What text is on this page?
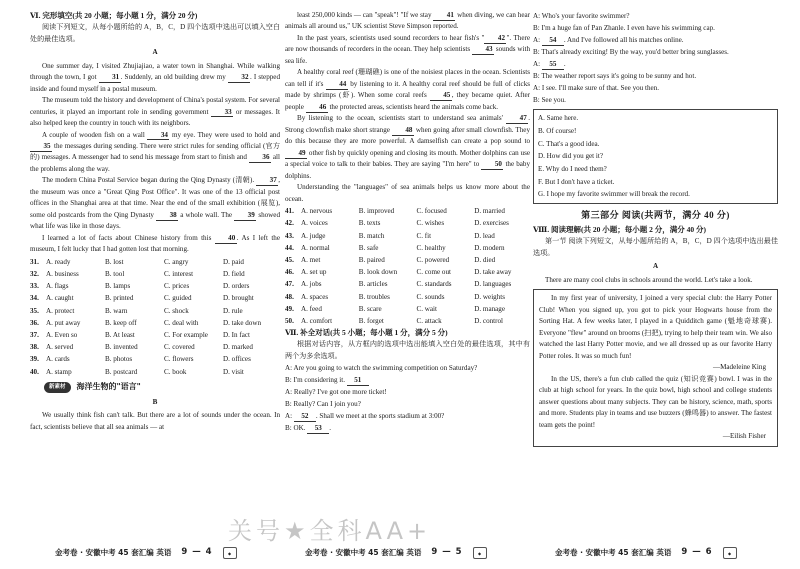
Ⅵ. 完形填空(共 20 小题；每小题 1 分，满分 20 分)
阅读下列短文，从每小题所给的 A，B，C，D 四个选项中选出可以填入空白处的最佳选项。
A
One summer day, I visited Zhujiajiao, a water town in Shanghai. While walking through the town, I got 31. Suddenly, an old building drew my 32. I stepped inside and found myself in a postal museum.
The museum told the history and development of China's postal system. For several centuries, it played an important role in sending government 33 or messages. It also helped keep the country in touch with its neighbors.
A couple of wooden fish on a wall 34 my eye. They were used to hold and 35 the messages during sending. There were strict rules for sending official (官方的) messages. A messenger had to send his message from start to finish and 36 all the problems along the way.
The modern China Postal Service began during the Qing Dynasty (清朝). 37, the museum was once a "Great Qing Post Office". It was one of the 13 official post offices in the Shanghai area at that time. Near the end of the small exhibition (展览), some old postcards from the Qing Dynasty 38 a whole wall. The 39 showed what life was like in those days.
I learned a lot of facts about Chinese history from this 40. As I left the museum, I felt lucky that I had gotten lost that morning.
31.	A. ready	B. lost	C. angry	D. paid
32.	A. business	B. tool	C. interest	D. field
33.	A. flags	B. lamps	C. prices	D. orders
34.	A. caught	B. printed	C. guided	D. brought
35.	A. protect	B. warn	C. shock	D. rule
36.	A. put away	B. keep off	C. deal with	D. take down
37.	A. Even so	B. At least	C. For example	D. In fact
38.	A. served	B. invented	C. covered	D. marked
39.	A. cards	B. photos	C. flowers	D. offices
40.	A. stamp	B. postcard	C. book	D. visit
新素材	海洋生物的"语言"
B
We usually think fish can't talk. But there are a lot of sounds under the ocean. In fact, scientists believe that all sea animals — at
least 250,000 kinds — can "speak"! "If we stay 41 when diving, we can hear animals all around us," UK scientist Steve Simpson reported.
In the past years, scientists used sound recorders to hear fish's " 42". There are now thousands of recorders in the ocean. They help scientists 43 sounds with sea life.
A healthy coral reef (珊瑚礁) is one of the noisiest places in the ocean. Scientists can tell if it's 44 by listening to it. A healthy coral reef should be full of clicks made by shrimps (虾). When some coral reefs 45, they became quiet. After people 46 the protected areas, scientists heard the animals come back.
By listening to the ocean, scientists start to understand sea animals' 47. Strong clownfish make short strange 48 when going after small clownfish. They do this because they are more powerful. A damselfish can create a pop sound to 49 other fish by quickly opening and closing its mouth. Mother dolphins can use a special voice to talk to their babies. They are saying "I'm here" to 50 the baby dolphins.
Understanding the "languages" of sea animals helps us know more about the ocean.
41.	A. nervous	B. improved	C. focused	D. married
42.	A. voices	B. texts	C. wishes	D. exercises
43.	A. judge	B. match	C. fit	D. lead
44.	A. normal	B. safe	C. healthy	D. modern
45.	A. met	B. paired	C. powered	D. died
46.	A. set up	B. look down	C. come out	D. take away
47.	A. jobs	B. articles	C. standards	D. languages
48.	A. spaces	B. troubles	C. sounds	D. weights
49.	A. feed	B. scare	C. wait	D. manage
50.	A. comfort	B. forget	C. attack	D. control
Ⅶ. 补全对话(共 5 小题；每小题 1 分，满分 5 分)
根据对话内容，从方框内的选项中选出能填入空白处的最佳选项，其中有两个为多余选项。
A: Are you going to watch the swimming competition on Saturday?
B: I'm considering it. 51
A: Really? I've got one more ticket!
B: Really? Can I join you?
A: 52 . Shall we meet at the sports stadium at 3:00?
B: OK. 53 .
A: Who's your favorite swimmer?
B: I'm a huge fan of Pan Zhanle. I even have his swimming cap.
A: 54 . And I've followed all his matches online.
B: That's already exciting! By the way, you'd better bring sunglasses.
A: 55 .
B: The weather report says it's going to be sunny and hot.
A: I see. I'll make sure of that. See you then.
B: See you.
A. Same here.
B. Of course!
C. That's a good idea.
D. How did you get it?
E. Why do I need them?
F. But I don't have a ticket.
G. I hope my favorite swimmer will break the record.
第三部分 阅读(共两节，满分 40 分)
Ⅷ. 阅读理解(共 20 小题；每小题 2 分，满分 40 分)
第一节 阅读下列短文，从每小题所给的 A，B，C，D 四个选项中选出最佳选项。
A
There are many cool clubs in schools around the world. Let's take a look.
In my first year of university, I joined a very special club: the Harry Potter Club! When you signed up, you got to pick your Hogwarts house from the Sorting Hat. A few weeks later, I played in a Quidditch game (魁地奇球赛). Everyone "flew" around on brooms (扫把), trying to help their team win. We also watched the last Harry Potter movie, and we all dressed up as our favorite Harry Potter roles. It was so much fun!
—Madeleine King
In the US, there's a fun club called the quiz (知识竞赛) bowl. I was in the club at high school for years. In the quiz bowl, high school and college students answer questions about many subjects. They can be history, science, math, sports and more. Students play in teams and use buzzers (蜂鸣器) to answer. The fastest team gets the point!
—Eilish Fisher
关号★全科AA+
金考卷 · 安徽中考 45 套汇编 英语 9 — 4	◆	金考卷 · 安徽中考 45 套汇编 英语 9 — 5	◆	金考卷 · 安徽中考 45 套汇编 英语 9 — 6	◆
